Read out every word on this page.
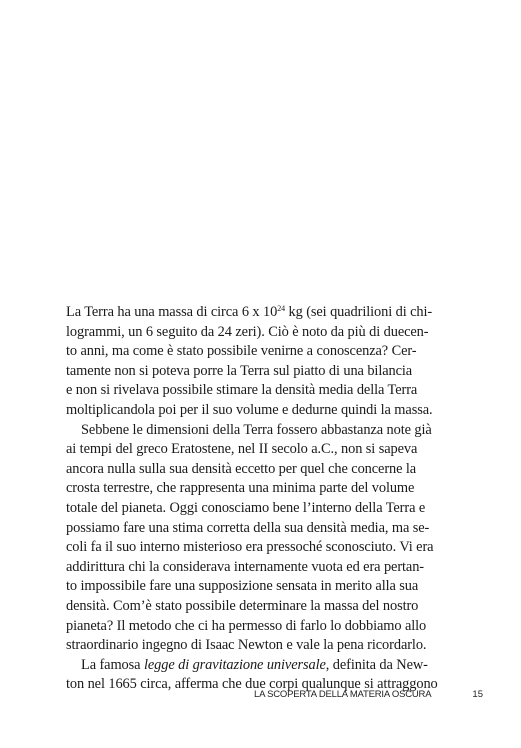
La Terra ha una massa di circa 6 x $10^{24}$ kg (sei quadrilioni di chi-
logrammi, un 6 seguito da 24 zeri). Ciò è noto da più di duecen-
to anni, ma come è stato possibile venirne a conoscenza? Cer-
tamente non si poteva porre la Terra sul piatto di una bilancia
e non si rivelava possibile stimare la densità media della Terra
moltiplicandola poi per il suo volume e dedurne quindi la massa.
Sebbene le dimensioni della Terra fossero abbastanza note già
ai tempi del greco Eratostene, nel II secolo a.C., non si sapeva
ancora nulla sulla sua densità eccetto per quel che concerne la
crosta terrestre, che rappresenta una minima parte del volume
totale del pianeta. Oggi conosciamo bene l’interno della Terra e
possiamo fare una stima corretta della sua densità media, ma se-
coli fa il suo interno misterioso era pressoché sconosciuto. Vi era
addirittura chi la considerava internamente vuota ed era pertan-
to impossibile fare una supposizione sensata in merito alla sua
densità. Com’è stato possibile determinare la massa del nostro
pianeta? Il metodo che ci ha permesso di farlo lo dobbiamo allo
straordinario ingegno di Isaac Newton e vale la pena ricordarlo.
La famosa legge di gravitazione universale, definita da New-
ton nel 1665 circa, afferma che due corpi qualunque si attraggono
LA SCOPERTA DELLA MATERIA OSCURA	15
